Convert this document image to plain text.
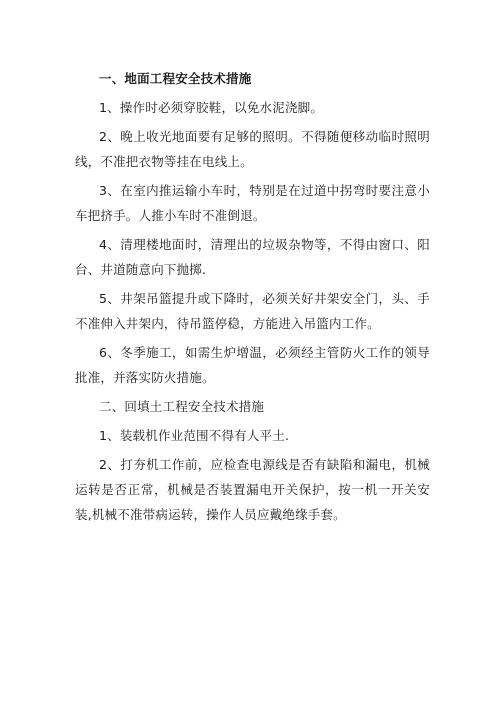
一、地面工程安全技术措施

1、操作时必须穿胶鞋，以免水泥浇脚。

2、晚上收光地面要有足够的照明。不得随便移动临时照明线，不准把衣物等挂在电线上。

3、在室内推运输小车时，特别是在过道中拐弯时要注意小车把挤手。人推小车时不准倒退。

4、清理楼地面时，清理出的垃圾杂物等，不得由窗口、阳台、井道随意向下抛掷.

5、井架吊篮提升或下降时，必须关好井架安全门，头、手不准伸入井架内，待吊篮停稳，方能进入吊篮内工作。

6、冬季施工，如需生炉增温，必须经主管防火工作的领导批准，并落实防火措施。

二、回填土工程安全技术措施

1、装载机作业范围不得有人平土.

2、打夯机工作前，应检查电源线是否有缺陷和漏电，机械运转是否正常，机械是否装置漏电开关保护，按一机一开关安装,机械不准带病运转，操作人员应戴绝缘手套。
